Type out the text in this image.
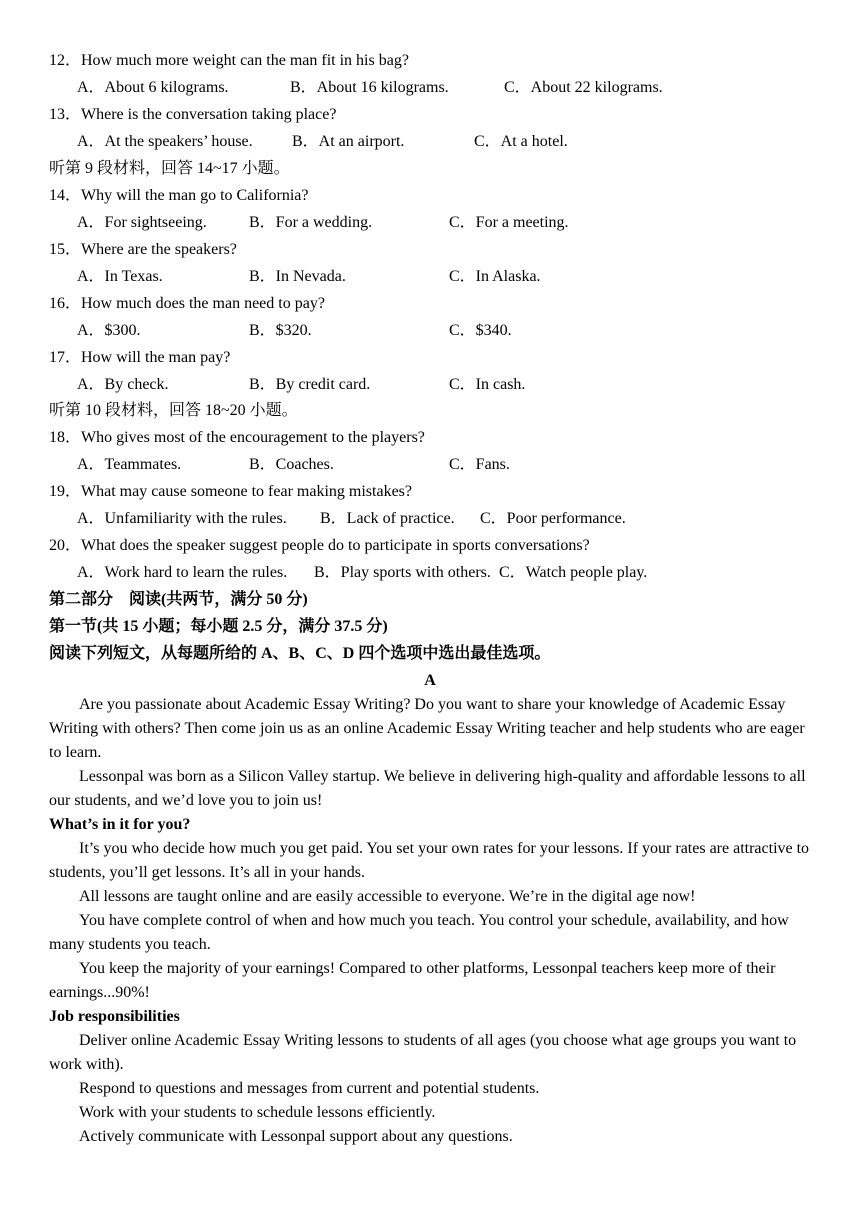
12．How much more weight can the man fit in his bag?
A．About 6 kilograms.	B．About 16 kilograms.	C．About 22 kilograms.
13．Where is the conversation taking place?
A．At the speakers’ house. B．At an airport.	C．At a hotel.
听第 9 段材料，回答 14~17 小题。
14．Why will the man go to California?
A．For sightseeing.	B．For a wedding.	C．For a meeting.
15．Where are the speakers?
A．In Texas.	B．In Nevada.	C．In Alaska.
16．How much does the man need to pay?
A．$300.	B．$320.	C．$340.
17．How will the man pay?
A．By check.	B．By credit card.	C．In cash.
听第 10 段材料，回答 18~20 小题。
18．Who gives most of the encouragement to the players?
A．Teammates.	B．Coaches.	C．Fans.
19．What may cause someone to fear making mistakes?
A．Unfamiliarity with the rules. B．Lack of practice. C．Poor performance.
20．What does the speaker suggest people do to participate in sports conversations?
A．Work hard to learn the rules. B．Play sports with others. C．Watch people play.
第二部分　阅读(共两节，满分 50 分)
第一节(共 15 小题；每小题 2.5 分，满分 37.5 分)
阅读下列短文，从每题所给的 A、B、C、D 四个选项中选出最佳选项。
A
Are you passionate about Academic Essay Writing? Do you want to share your knowledge of Academic Essay Writing with others? Then come join us as an online Academic Essay Writing teacher and help students who are eager to learn.
Lessonpal was born as a Silicon Valley startup. We believe in delivering high-quality and affordable lessons to all our students, and we’d love you to join us!
What’s in it for you?
It’s you who decide how much you get paid. You set your own rates for your lessons. If your rates are attractive to students, you’ll get lessons. It’s all in your hands.
All lessons are taught online and are easily accessible to everyone. We’re in the digital age now!
You have complete control of when and how much you teach. You control your schedule, availability, and how many students you teach.
You keep the majority of your earnings! Compared to other platforms, Lessonpal teachers keep more of their earnings...90%!
Job responsibilities
Deliver online Academic Essay Writing lessons to students of all ages (you choose what age groups you want to work with).
Respond to questions and messages from current and potential students.
Work with your students to schedule lessons efficiently.
Actively communicate with Lessonpal support about any questions.
